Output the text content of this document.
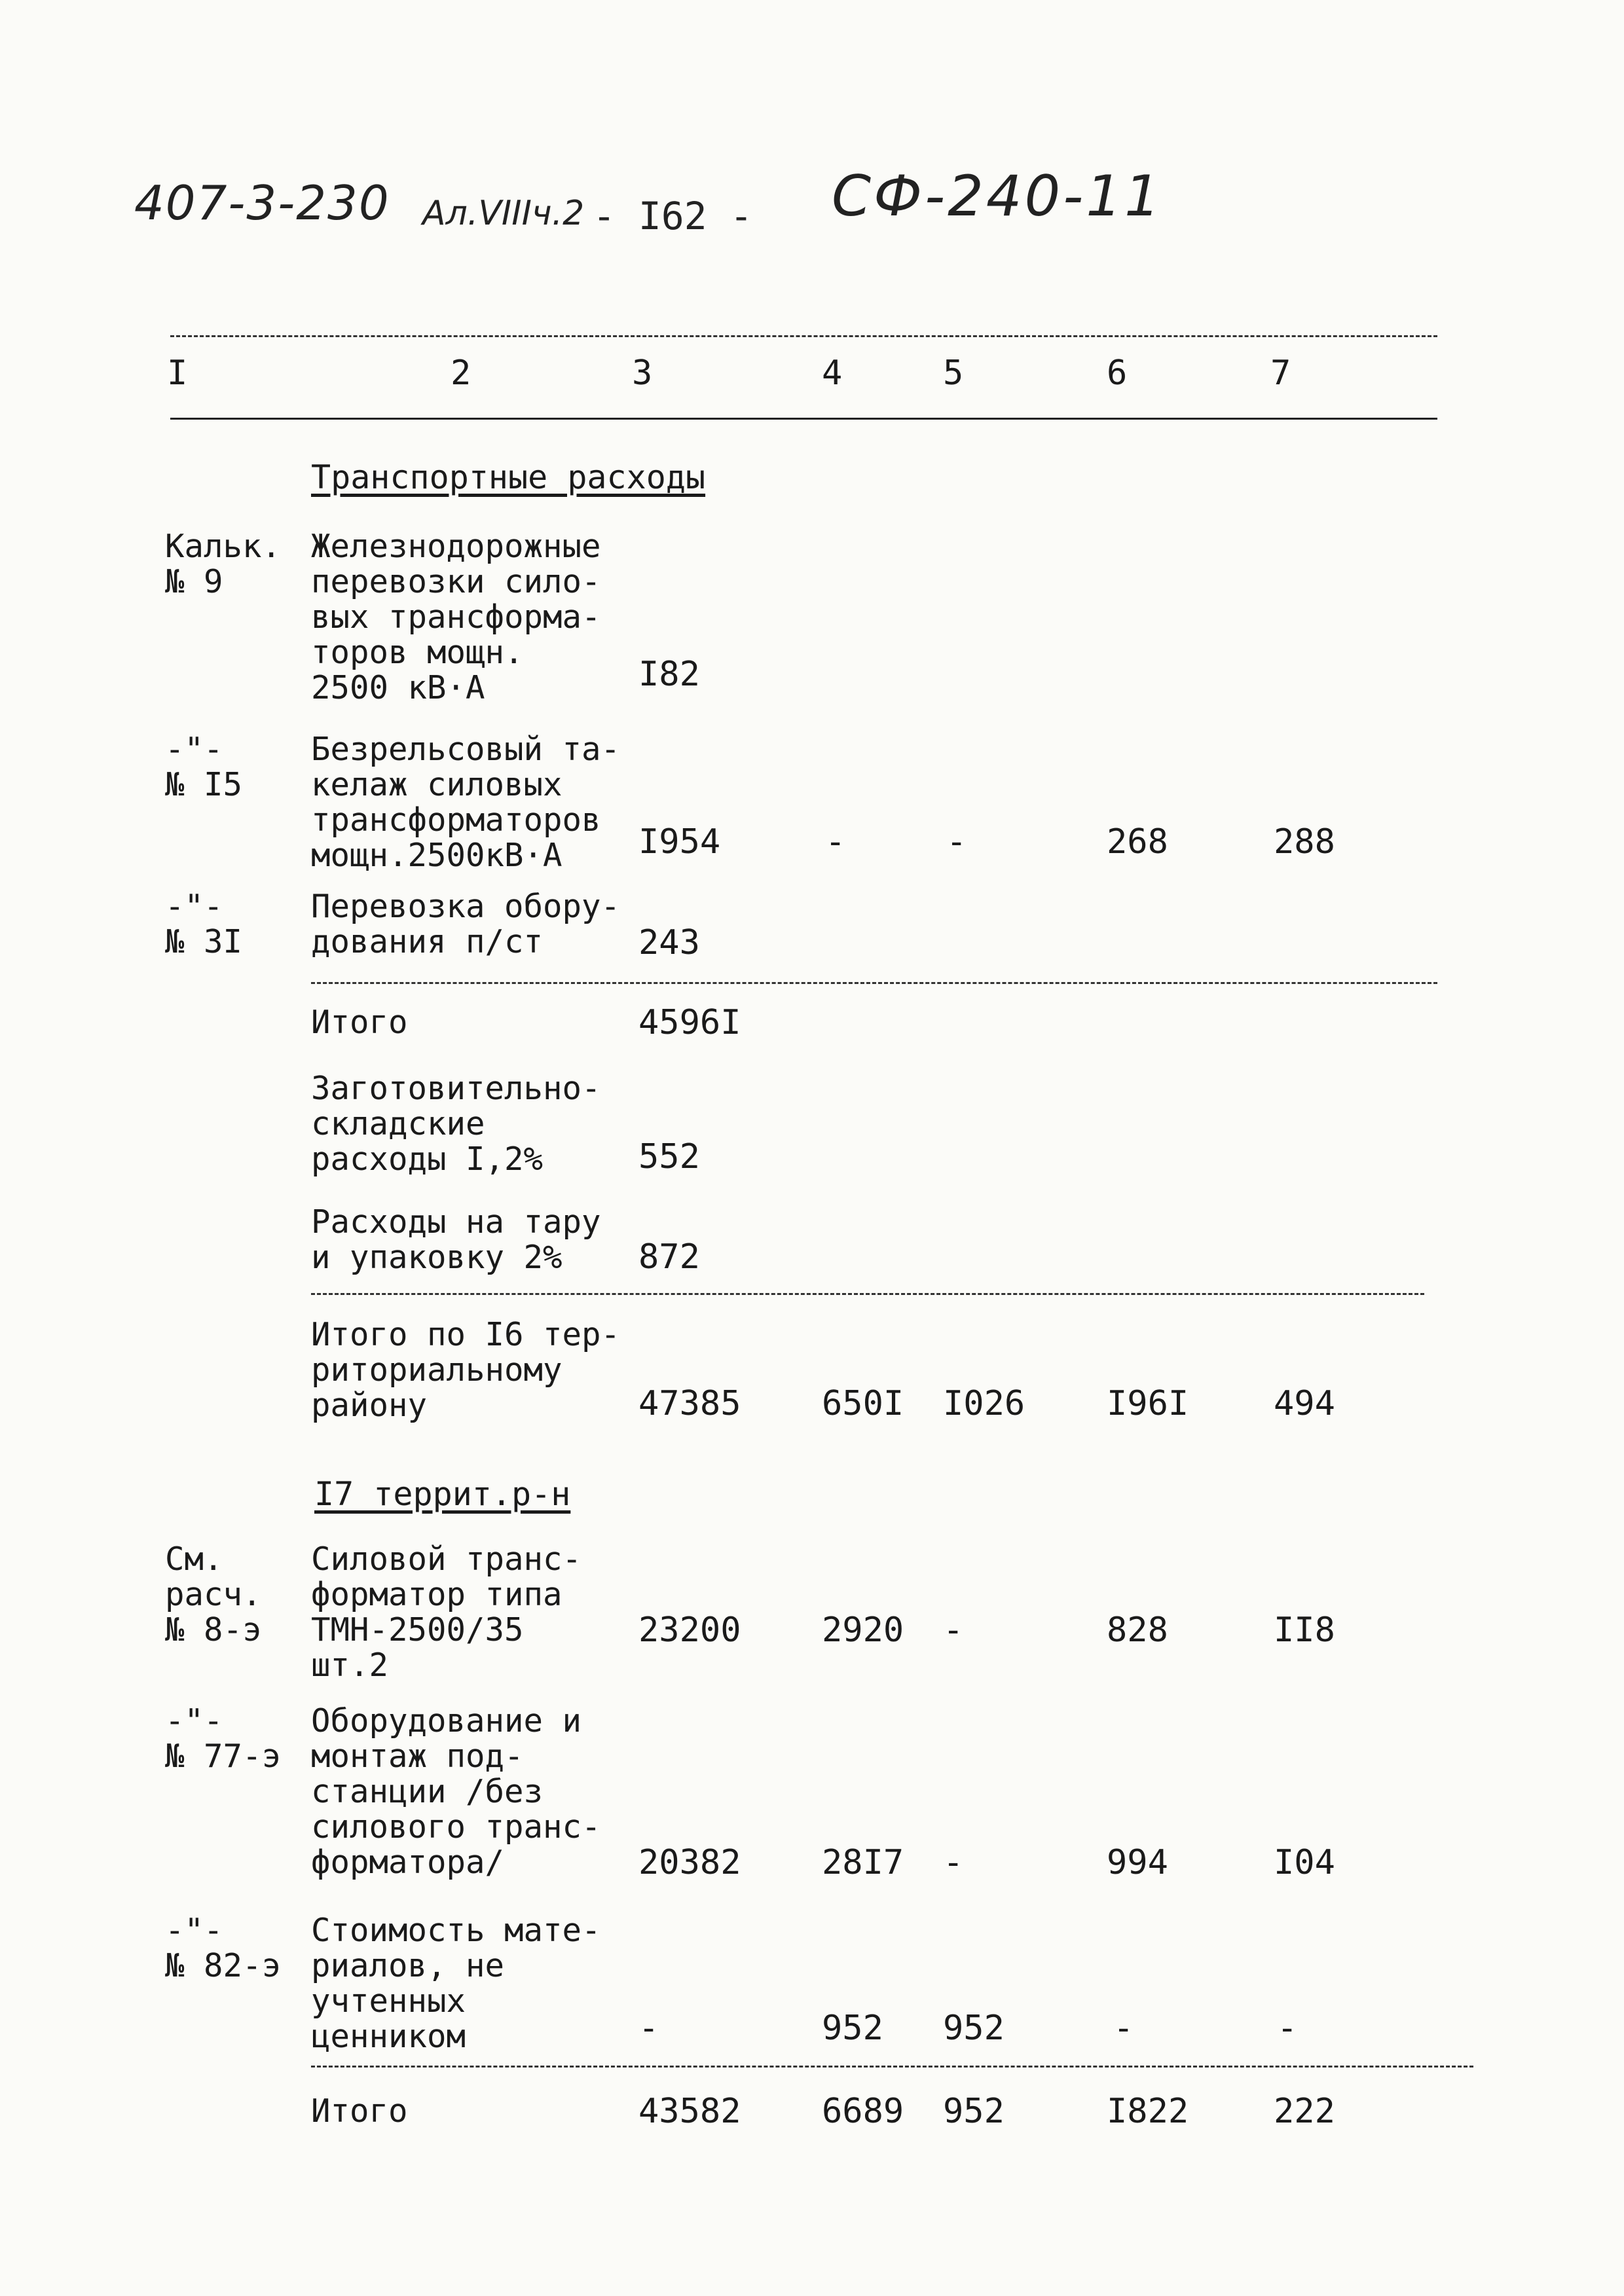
407-3-230 Ал.VIIIч.2 - I62 - СФ-240-11
I	2	3	4	5	6	7
Транспортные расходы
Кальк.
№ 9
Железнодорожные
перевозки сило-
вых трансформа-
торов мощн.
2500 кВ·А	I82
-"-
№ I5
Безрельсовый та-
келаж силовых
трансформаторов
мощн.2500кВ·А	I954	-	-	268	288
-"-
№ 3I
Перевозка обору-
дования п/ст	243
Итого	4596I
Заготовительно-
складские
расходы I,2%	552
Расходы на тару
и упаковку 2%	872
Итого по I6 тер-
риториальному
району	47385 650I I026 I96I 494
I7 террит.р-н
См.
расч.
№ 8-э
Силовой транс-
форматор типа
ТМН-2500/35
шт.2
23200 2920 -	828	II8
-"-
№ 77-э
Оборудование и
монтаж под-
станции /без
силового транс-
форматора/	20382 28I7 -	994	I04
-"-
№ 82-э
Стоимость мате-
риалов, не
учтенных
ценником	-	952 952	-	-
Итого	43582 6689 952	I822 222
